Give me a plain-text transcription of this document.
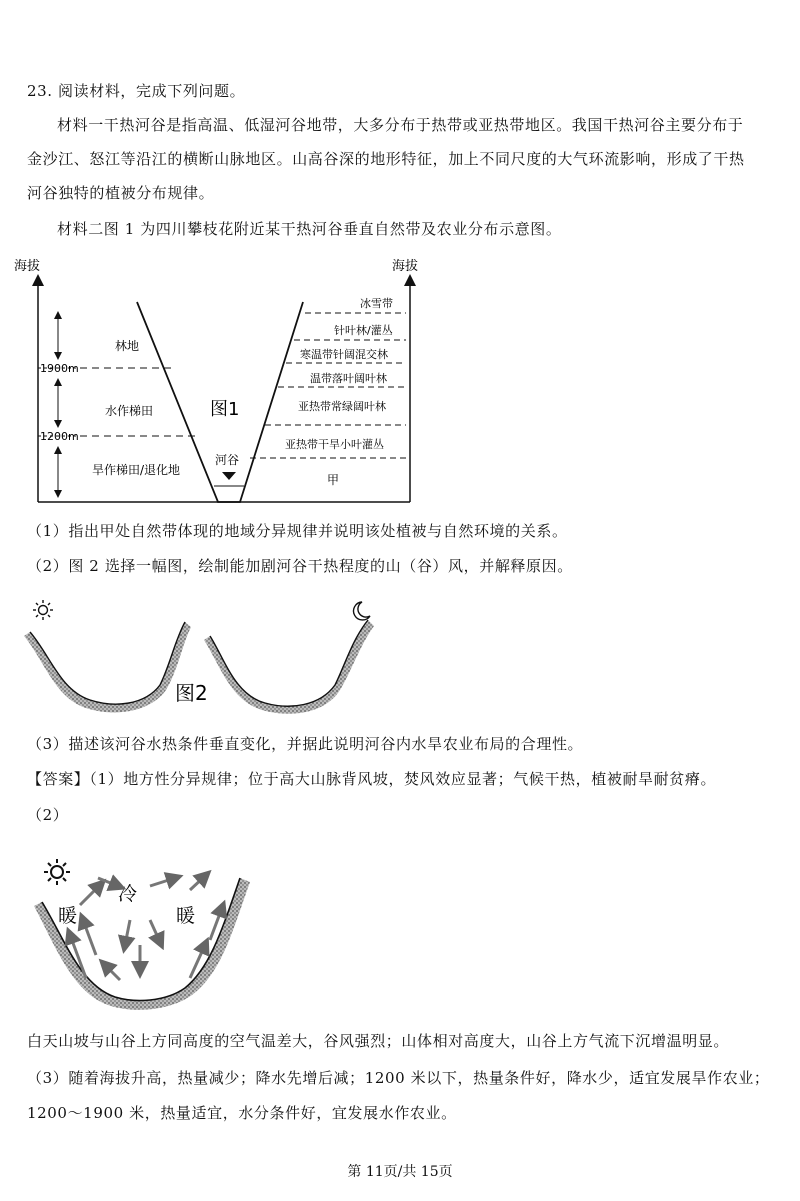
23. 阅读材料，完成下列问题。
材料一干热河谷是指高温、低湿河谷地带，大多分布于热带或亚热带地区。我国干热河谷主要分布于
金沙江、怒江等沿江的横断山脉地区。山高谷深的地形特征，加上不同尺度的大气环流影响，形成了干热
河谷独特的植被分布规律。
材料二图 1 为四川攀枝花附近某干热河谷垂直自然带及农业分布示意图。
海拔	海拔
河谷
图1
1900m
1200m
林地
水作梯田
旱作梯田/退化地
冰雪带
针叶林/灌丛
寒温带针阔混交林
温带落叶阔叶林
亚热带常绿阔叶林
亚热带干旱小叶灌丛
甲
（1）指出甲处自然带体现的地域分异规律并说明该处植被与自然环境的关系。
（2）图 2 选择一幅图，绘制能加剧河谷干热程度的山（谷）风，并解释原因。
图2
（3）描述该河谷水热条件垂直变化，并据此说明河谷内水旱农业布局的合理性。
【答案】（1）地方性分异规律；位于高大山脉背风坡，焚风效应显著；气候干热，植被耐旱耐贫瘠。
（2）
暖
冷
暖
白天山坡与山谷上方同高度的空气温差大，谷风强烈；山体相对高度大，山谷上方气流下沉增温明显。
（3）随着海拔升高，热量减少；降水先增后减；1200 米以下，热量条件好，降水少，适宜发展旱作农业；
1200～1900 米，热量适宜，水分条件好，宜发展水作农业。
第 11页/共 15页
